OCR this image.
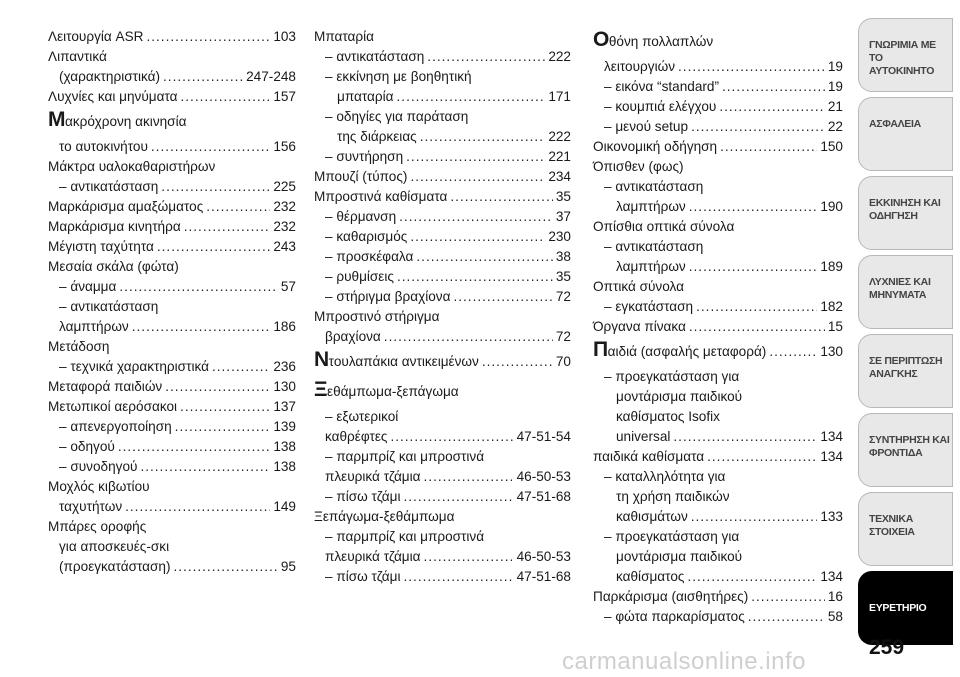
Λειτουργία ASR .....	103
Λιπαντικά
(χαρακτηριστικά) .....	247-248
Λυχνίες και μηνύματα .....	157
Μακρόχρονη ακινησία
το αυτοκινήτου .....	156
Μάκτρα υαλοκαθαριστήρων
– αντικατάσταση .....	225
Μαρκάρισμα αμαξώματος .....	232
Μαρκάρισμα κινητήρα .....	232
Μέγιστη ταχύτητα .....	243
Μεσαία σκάλα (φώτα)
– άναμμα .....	57
– αντικατάσταση
λαμπτήρων .....	186
Μετάδοση
– τεχνικά χαρακτηριστικά .....	236
Μεταφορά παιδιών .....	130
Μετωπικοί αερόσακοι .....	137
– απενεργοποίηση .....	139
– οδηγού .....	138
– συνοδηγού .....	138
Μοχλός κιβωτίου
ταχυτήτων .....	149
Μπάρες οροφής
για αποσκευές-σκι
(προεγκατάσταση) .....	95
Μπαταρία
– αντικατάσταση .....	222
– εκκίνηση με βοηθητική
μπαταρία .....	171
– οδηγίες για παράταση
της διάρκειας .....	222
– συντήρηση .....	221
Μπουζί (τύπος) .....	234
Μπροστινά καθίσματα .....	35
– θέρμανση .....	37
– καθαρισμός .....	230
– προσκέφαλα .....	38
– ρυθμίσεις .....	35
– στήριγμα βραχίονα .....	72
Μπροστινό στήριγμα
βραχίονα .....	72
Ντουλαπάκια αντικειμένων .....	70
Ξεθάμπωμα-ξεπάγωμα
– εξωτερικοί
καθρέφτες .....	47-51-54
– παρμπρίζ και μπροστινά
πλευρικά τζάμια .....	46-50-53
– πίσω τζάμι .....	47-51-68
Ξεπάγωμα-ξεθάμπωμα
– παρμπρίζ και μπροστινά
πλευρικά τζάμια .....	46-50-53
– πίσω τζάμι .....	47-51-68
Οθόνη πολλαπλών
λειτουργιών .....	19
– εικόνα “standard” .....	19
– κουμπιά ελέγχου .....	21
– μενού setup .....	22
Οικονομική οδήγηση .....	150
Όπισθεν (φως)
– αντικατάσταση
λαμπτήρων .....	190
Οπίσθια οπτικά σύνολα
– αντικατάσταση
λαμπτήρων .....	189
Οπτικά σύνολα
– εγκατάσταση .....	182
Όργανα πίνακα .....	15
Παιδιά (ασφαλής μεταφορά) .....	130
– προεγκατάσταση για
μοντάρισμα παιδικού
καθίσματος Isofix
universal .....	134
παιδικά καθίσματα .....	134
– καταλληλότητα για
τη χρήση παιδικών
καθισμάτων .....	133
– προεγκατάσταση για
μοντάρισμα παιδικού
καθίσματος .....	134
Παρκάρισμα (αισθητήρες) .....	16
– φώτα παρκαρίσματος .....	58
ΓΝΩΡΙΜΙΑ ΜΕ ΤΟ
ΑΥΤΟΚΙΝΗΤΟ
ΑΣΦΑΛΕΙΑ
ΕΚΚΙΝΗΣΗ ΚΑΙ
ΟΔΗΓΗΣΗ
ΛΥΧΝΙΕΣ ΚΑΙ
ΜΗΝΥΜΑΤΑ
ΣΕ ΠΕΡΙΠΤΩΣΗ
ΑΝΑΓΚΗΣ
ΣΥΝΤΗΡΗΣΗ ΚΑΙ
ΦΡΟΝΤΙΔΑ
ΤΕΧΝΙΚΑ ΣΤΟΙΧΕΙΑ
ΕΥΡΕΤΗΡΙΟ
259
carmanualsonline.info
